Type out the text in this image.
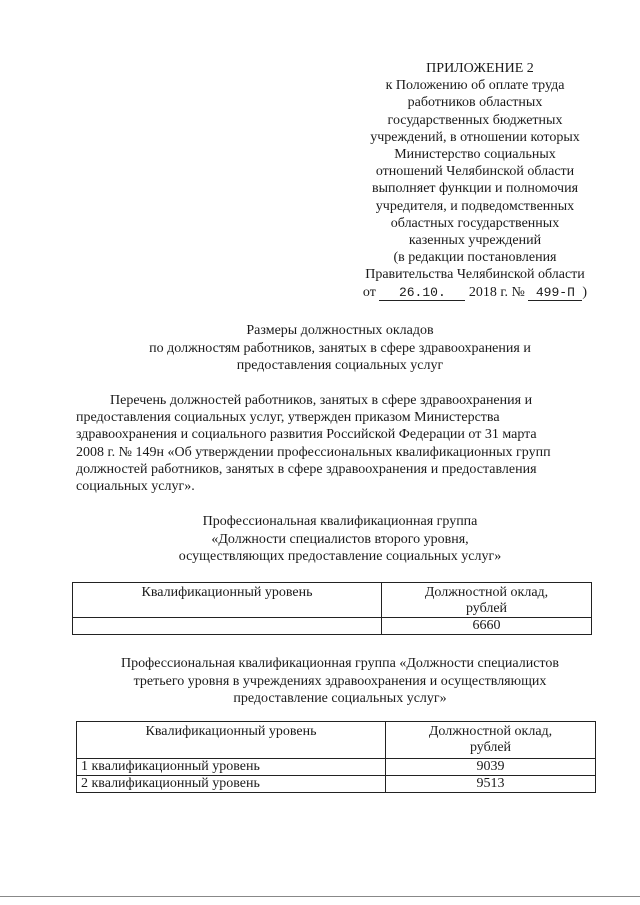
ПРИЛОЖЕНИЕ 2
к Положению об оплате труда
работников областных
государственных бюджетных
учреждений, в отношении которых
Министерство социальных
отношений Челябинской области
выполняет функции и полномочия
учредителя, и подведомственных
областных государственных
казенных учреждений
(в редакции постановления
Правительства Челябинской области
от 26.10. 2018 г. № 499-П )
Размеры должностных окладов
по должностям работников, занятых в сфере здравоохранения и
предоставления социальных услуг
Перечень должностей работников, занятых в сфере здравоохранения и
предоставления социальных услуг, утвержден приказом Министерства
здравоохранения и социального развития Российской Федерации от 31 марта
2008 г. № 149н «Об утверждении профессиональных квалификационных групп
должностей работников, занятых в сфере здравоохранения и предоставления
социальных услуг».
Профессиональная квалификационная группа
«Должности специалистов второго уровня,
осуществляющих предоставление социальных услуг»
Квалификационный уровень	Должностной оклад,
рублей

	6660
Профессиональная квалификационная группа «Должности специалистов
третьего уровня в учреждениях здравоохранения и осуществляющих
предоставление социальных услуг»
Квалификационный уровень	Должностной оклад,
рублей

1 квалификационный уровень	9039
2 квалификационный уровень	9513
